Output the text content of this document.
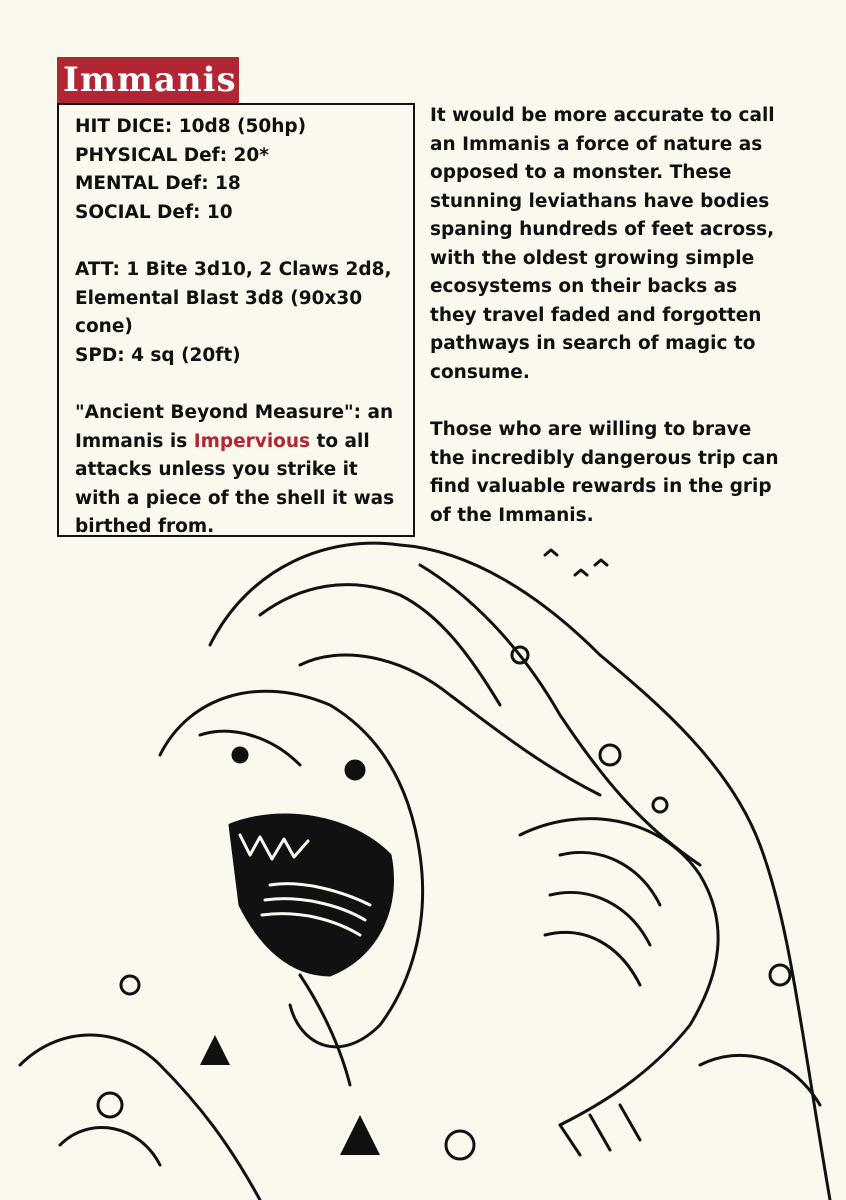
Immanis
HIT DICE: 10d8 (50hp)
PHYSICAL Def: 20*
MENTAL Def: 18
SOCIAL Def: 10
ATT: 1 Bite 3d10, 2 Claws 2d8,
Elemental Blast 3d8 (90x30
cone)
SPD: 4 sq (20ft)
"Ancient Beyond Measure": an
Immanis is Impervious to all
attacks unless you strike it
with a piece of the shell it was
birthed from.
It would be more accurate to call
an Immanis a force of nature as
opposed to a monster. These
stunning leviathans have bodies
spaning hundreds of feet across,
with the oldest growing simple
ecosystems on their backs as
they travel faded and forgotten
pathways in search of magic to
consume.
Those who are willing to brave
the incredibly dangerous trip can
find valuable rewards in the grip
of the Immanis.
